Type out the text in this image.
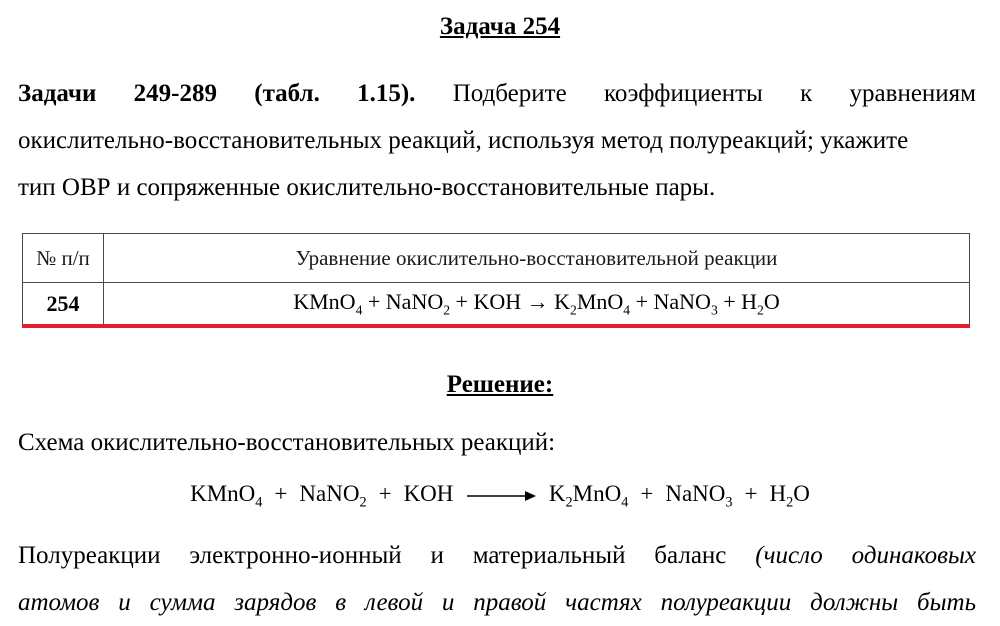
Задача 254
Задачи 249-289 (табл. 1.15). Подберите коэффициенты к уравнениям
окислительно-восстановительных реакций, используя метод полуреакций; укажите
тип ОВР и сопряженные окислительно-восстановительные пары.
№ п/п	Уравнение окислительно-восстановительной реакции
254	KMnO$_4$ + NaNO$_2$ + KOH → $K_2MnO_4$ + NaNO$_3$ + $H_2O$
Решение:
Схема окислительно-восстановительных реакций:
KMnO$_4$ + NaNO$_2$ + KOH	$K_2MnO_4$ + NaNO$_3$ + $H_2O$
Полуреакции электронно-ионный и материальный баланс (число одинаковых
атомов и сумма зарядов в левой и правой частях полуреакции должны быть
